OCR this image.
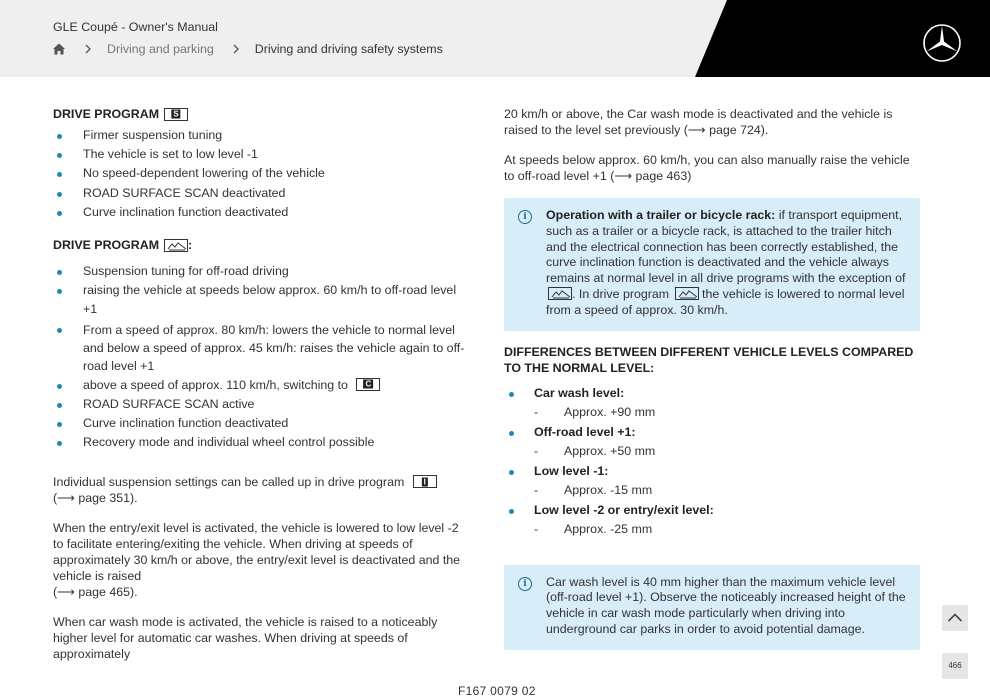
GLE Coupé - Owner's Manual
Driving and parking	Driving and driving safety systems
DRIVE PROGRAM S
Firmer suspension tuning
The vehicle is set to low level -1
No speed-dependent lowering of the vehicle
ROAD SURFACE SCAN deactivated
Curve inclination function deactivated
DRIVE PROGRAM :
Suspension tuning for off-road driving
raising the vehicle at speeds below approx. 60 km/h to off-road level +1
From a speed of approx. 80 km/h: lowers the vehicle to normal level and below a speed of approx. 45 km/h: raises the vehicle again to off-road level +1
above a speed of approx. 110 km/h, switching to C
ROAD SURFACE SCAN active
Curve inclination function deactivated
Recovery mode and individual wheel control possible

Individual suspension settings can be called up in drive program I

(⟶ page 351).

When the entry/exit level is activated, the vehicle is lowered to low level -2 to facilitate entering/exiting the vehicle. When driving at speeds of approximately 30 km/h or above, the entry/exit level is deactivated and the vehicle is raised
(⟶ page 465).

When car wash mode is activated, the vehicle is raised to a noticeably higher level for automatic car washes. When driving at speeds of approximately

20 km/h or above, the Car wash mode is deactivated and the vehicle is raised to the level set previously (⟶ page 724).

At speeds below approx. 60 km/h, you can also manually raise the vehicle to off-road level +1 (⟶ page 463)

i	Operation with a trailer or bicycle rack: if transport equipment, such as a trailer or a bicycle rack, is attached to the trailer hitch and the electrical connection has been correctly established, the curve inclination function is deactivated and the vehicle always remains at normal level in all drive programs with the exception of
. In drive program	the vehicle is lowered to normal level from a speed of approx. 30 km/h.
DIFFERENCES BETWEEN DIFFERENT VEHICLE LEVELS COMPARED TO THE NORMAL LEVEL:
Car wash level:
- Approx. +90 mm
Off-road level +1:
- Approx. +50 mm
Low level -1:
- Approx. -15 mm
Low level -2 or entry/exit level:
- Approx. -25 mm
i	Car wash level is 40 mm higher than the maximum vehicle level (off-road level +1). Observe the noticeably increased height of the vehicle in car wash mode particularly when driving into underground car parks in order to avoid potential damage.
466
F167 0079 02
